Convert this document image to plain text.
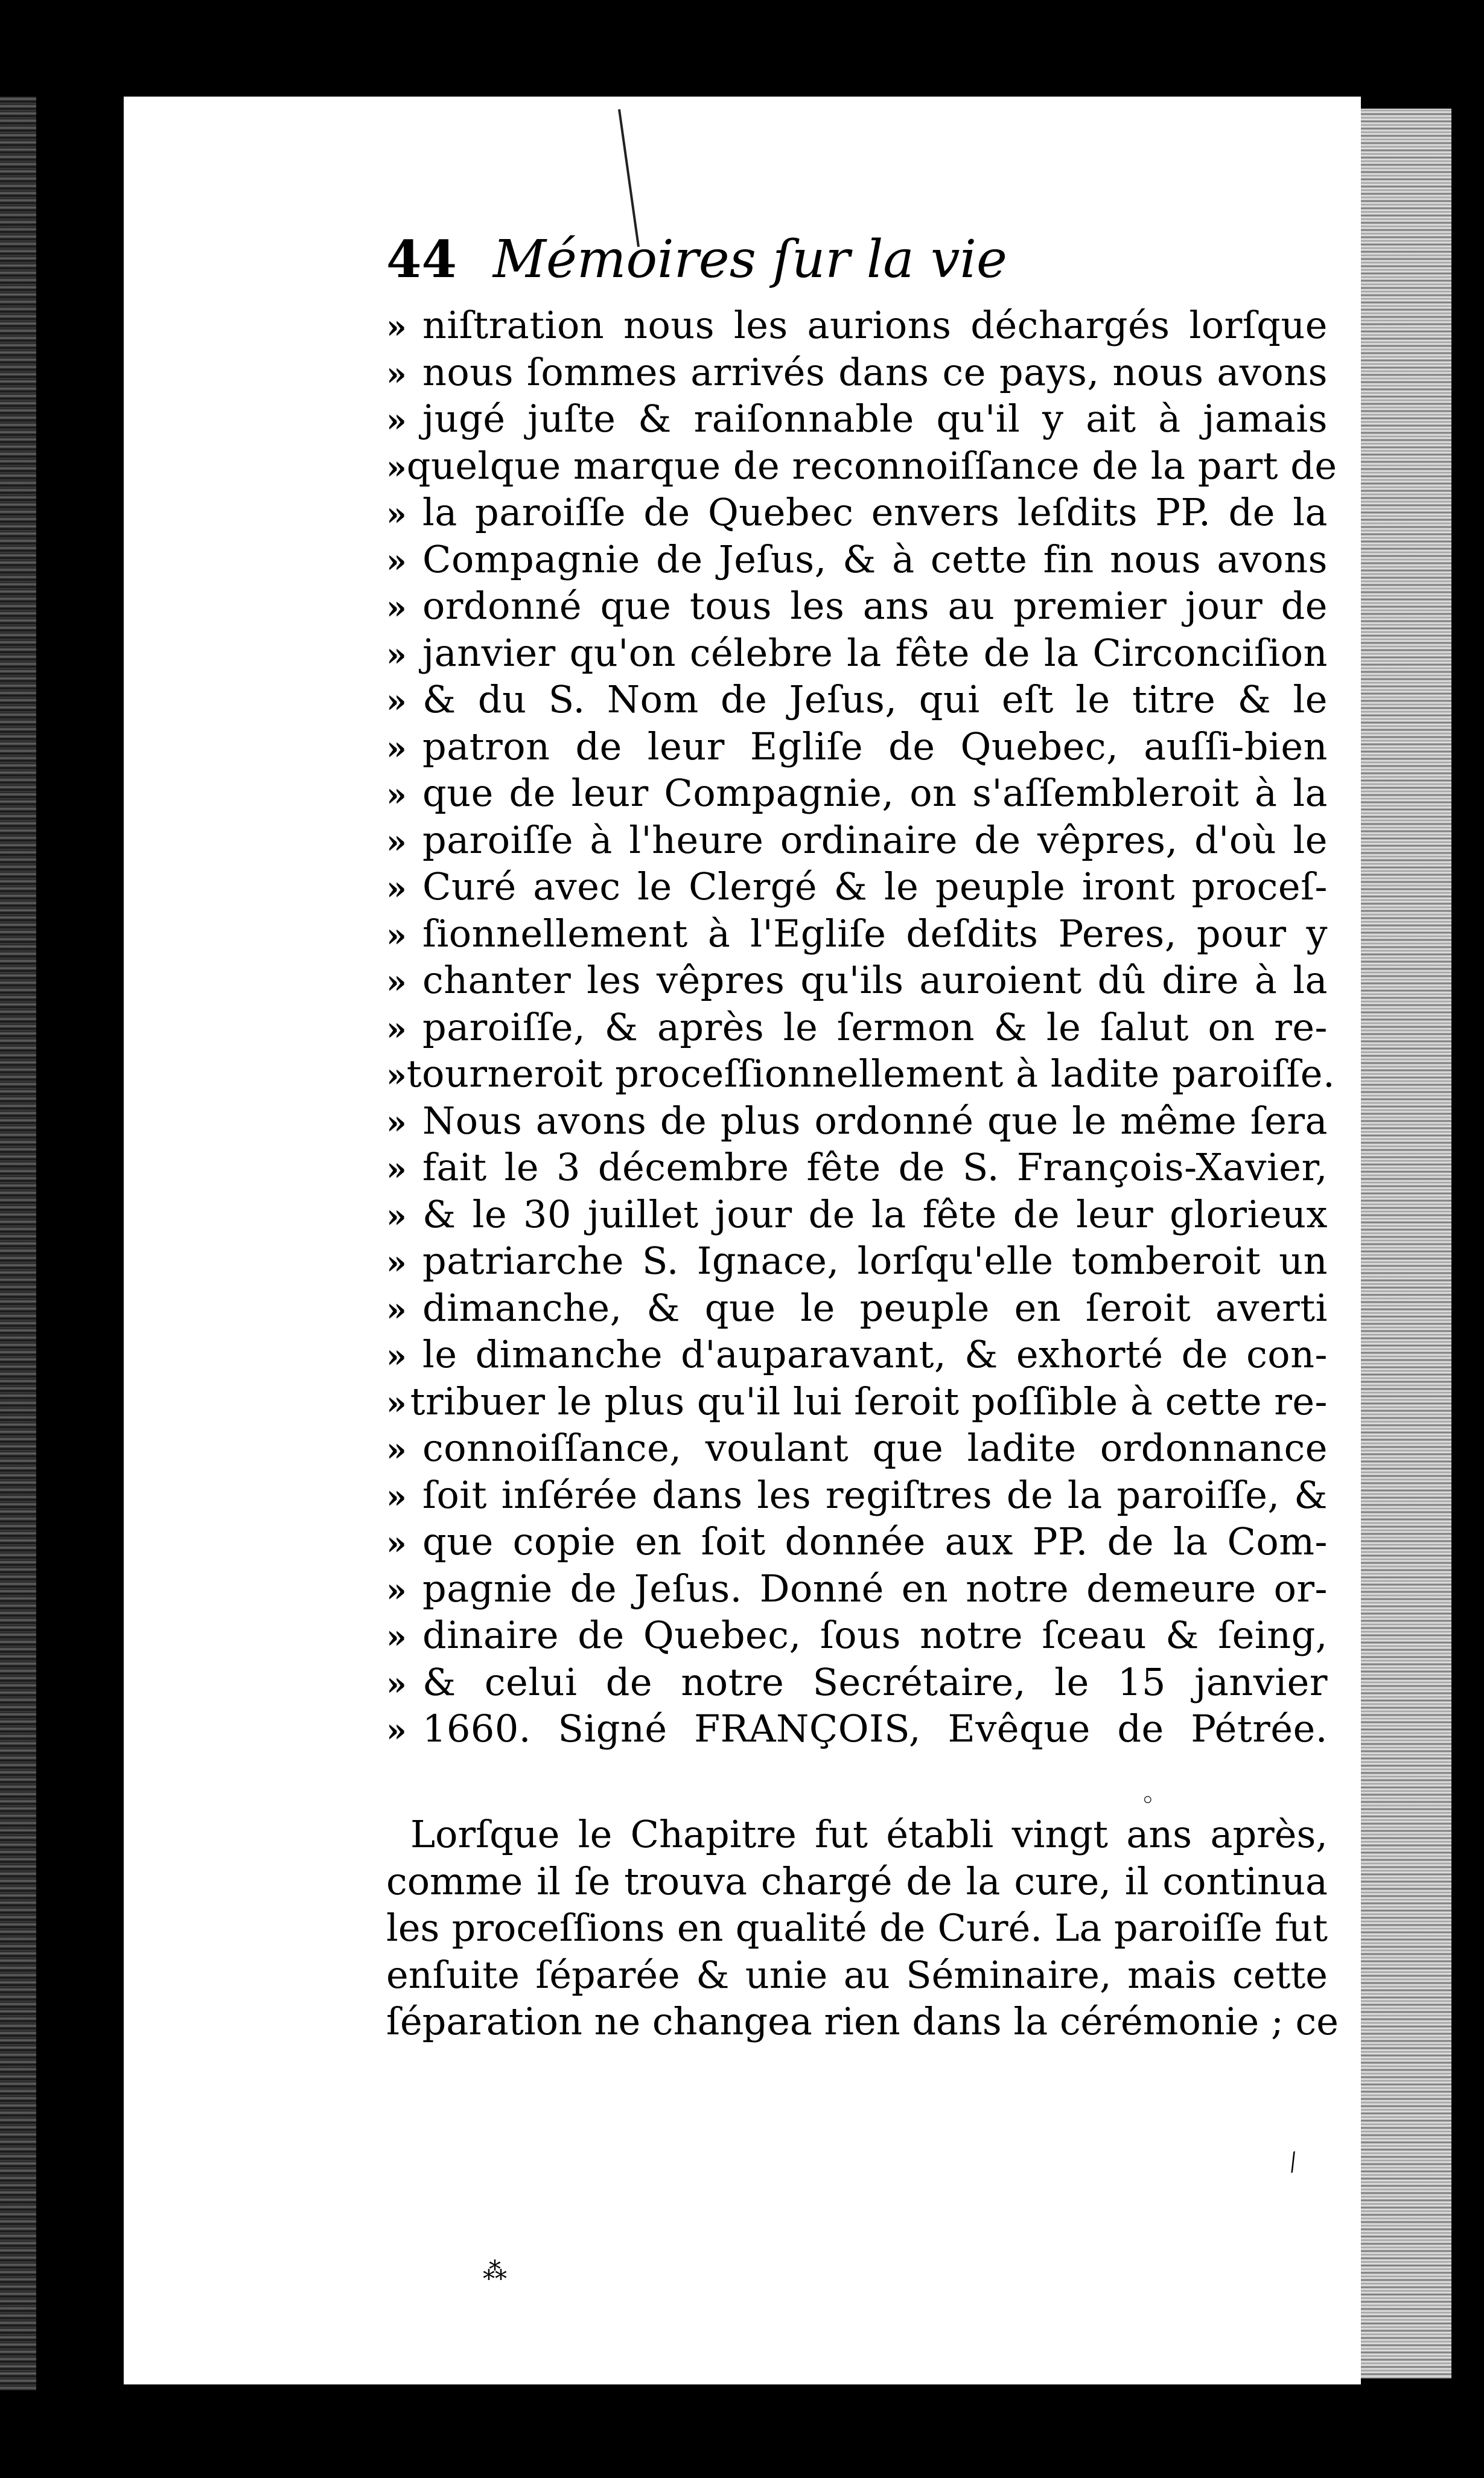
44 Mémoires ſur la vie
» niſtration nous les aurions déchargés lorſque
» nous ſommes arrivés dans ce pays, nous avons
» jugé juſte & raiſonnable qu'il y ait à jamais
» quelque marque de reconnoiſſance de la part de
» la paroiſſe de Quebec envers leſdits PP. de la
» Compagnie de Jeſus, & à cette fin nous avons
» ordonné que tous les ans au premier jour de
» janvier qu'on célebre la fête de la Circonciſion
» & du S. Nom de Jeſus, qui eſt le titre & le
» patron de leur Egliſe de Quebec, auſſi-bien
» que de leur Compagnie, on s'aſſembleroit à la
» paroiſſe à l'heure ordinaire de vêpres, d'où le
» Curé avec le Clergé & le peuple iront proceſ-
» ſionnellement à l'Egliſe deſdits Peres, pour y
» chanter les vêpres qu'ils auroient dû dire à la
» paroiſſe, & après le ſermon & le ſalut on re-
» tourneroit proceſſionnellement à ladite paroiſſe.
» Nous avons de plus ordonné que le même ſera
» fait le 3 décembre fête de S. François-Xavier,
» & le 30 juillet jour de la fête de leur glorieux
» patriarche S. Ignace, lorſqu'elle tomberoit un
» dimanche, & que le peuple en ſeroit averti
» le dimanche d'auparavant, & exhorté de con-
» tribuer le plus qu'il lui ſeroit poſſible à cette re-
» connoiſſance, voulant que ladite ordonnance
» ſoit inſérée dans les regiſtres de la paroiſſe, &
» que copie en ſoit donnée aux PP. de la Com-
» pagnie de Jeſus. Donné en notre demeure or-
» dinaire de Quebec, ſous notre ſceau & ſeing,
» & celui de notre Secrétaire, le 15 janvier
» 1660. Signé FRANÇOIS, Evêque de Pétrée.
Lorſque le Chapitre fut établi vingt ans après,
comme il ſe trouva chargé de la cure, il continua
les proceſſions en qualité de Curé. La paroiſſe fut
enſuite ſéparée & unie au Séminaire, mais cette
ſéparation ne changea rien dans la cérémonie ; ce
◦
⁄
⁂
